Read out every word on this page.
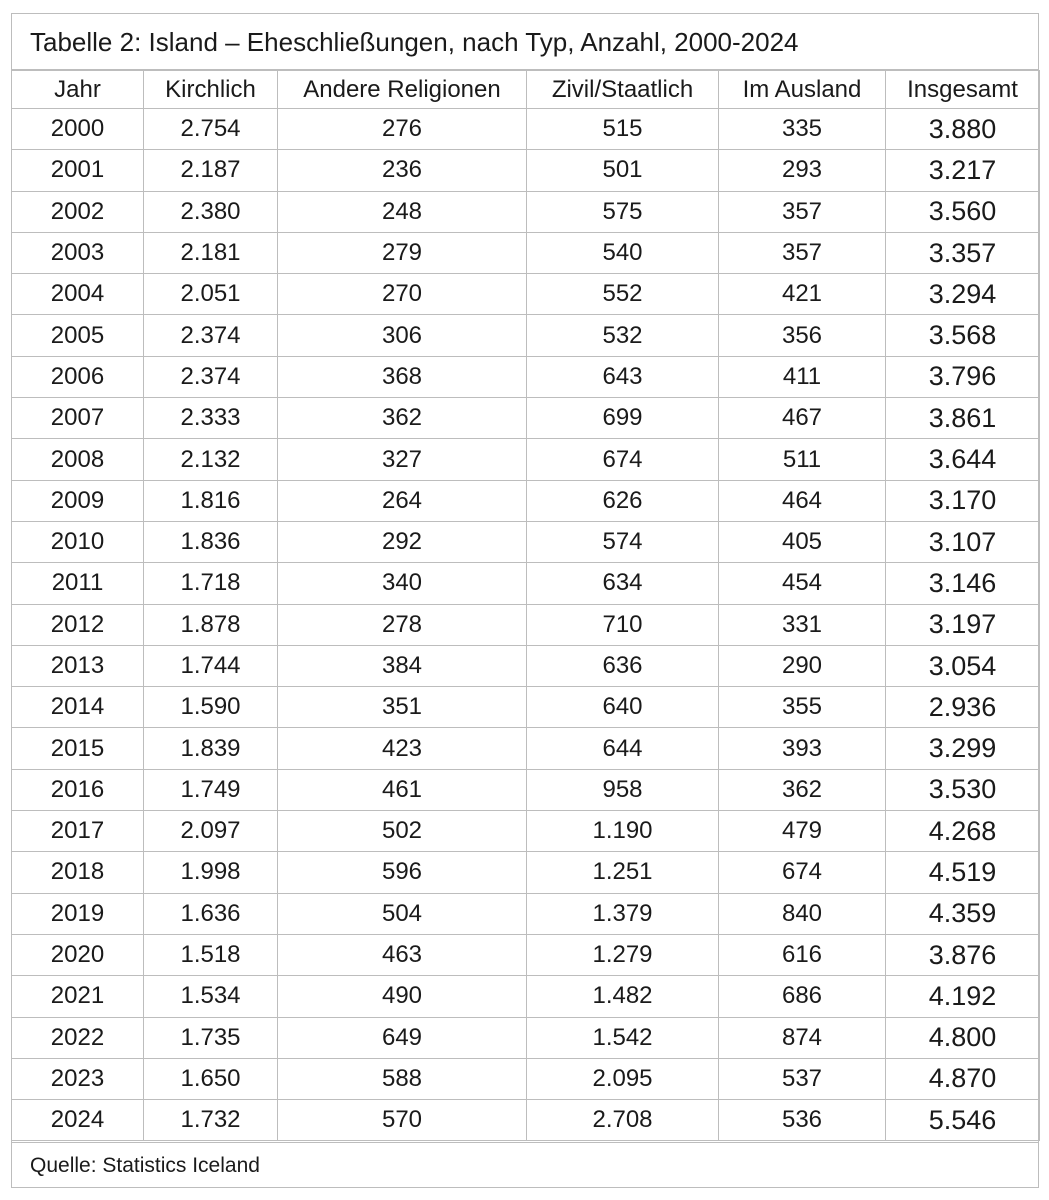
Tabelle 2: Island – Eheschließungen, nach Typ, Anzahl, 2000-2024
Jahr	Kirchlich	Andere Religionen	Zivil/Staatlich	Im Ausland	Insgesamt
2000	2.754	276	515	335	3.880
2001	2.187	236	501	293	3.217
2002	2.380	248	575	357	3.560
2003	2.181	279	540	357	3.357
2004	2.051	270	552	421	3.294
2005	2.374	306	532	356	3.568
2006	2.374	368	643	411	3.796
2007	2.333	362	699	467	3.861
2008	2.132	327	674	511	3.644
2009	1.816	264	626	464	3.170
2010	1.836	292	574	405	3.107
2011	1.718	340	634	454	3.146
2012	1.878	278	710	331	3.197
2013	1.744	384	636	290	3.054
2014	1.590	351	640	355	2.936
2015	1.839	423	644	393	3.299
2016	1.749	461	958	362	3.530
2017	2.097	502	1.190	479	4.268
2018	1.998	596	1.251	674	4.519
2019	1.636	504	1.379	840	4.359
2020	1.518	463	1.279	616	3.876
2021	1.534	490	1.482	686	4.192
2022	1.735	649	1.542	874	4.800
2023	1.650	588	2.095	537	4.870
2024	1.732	570	2.708	536	5.546
Quelle: Statistics Iceland
